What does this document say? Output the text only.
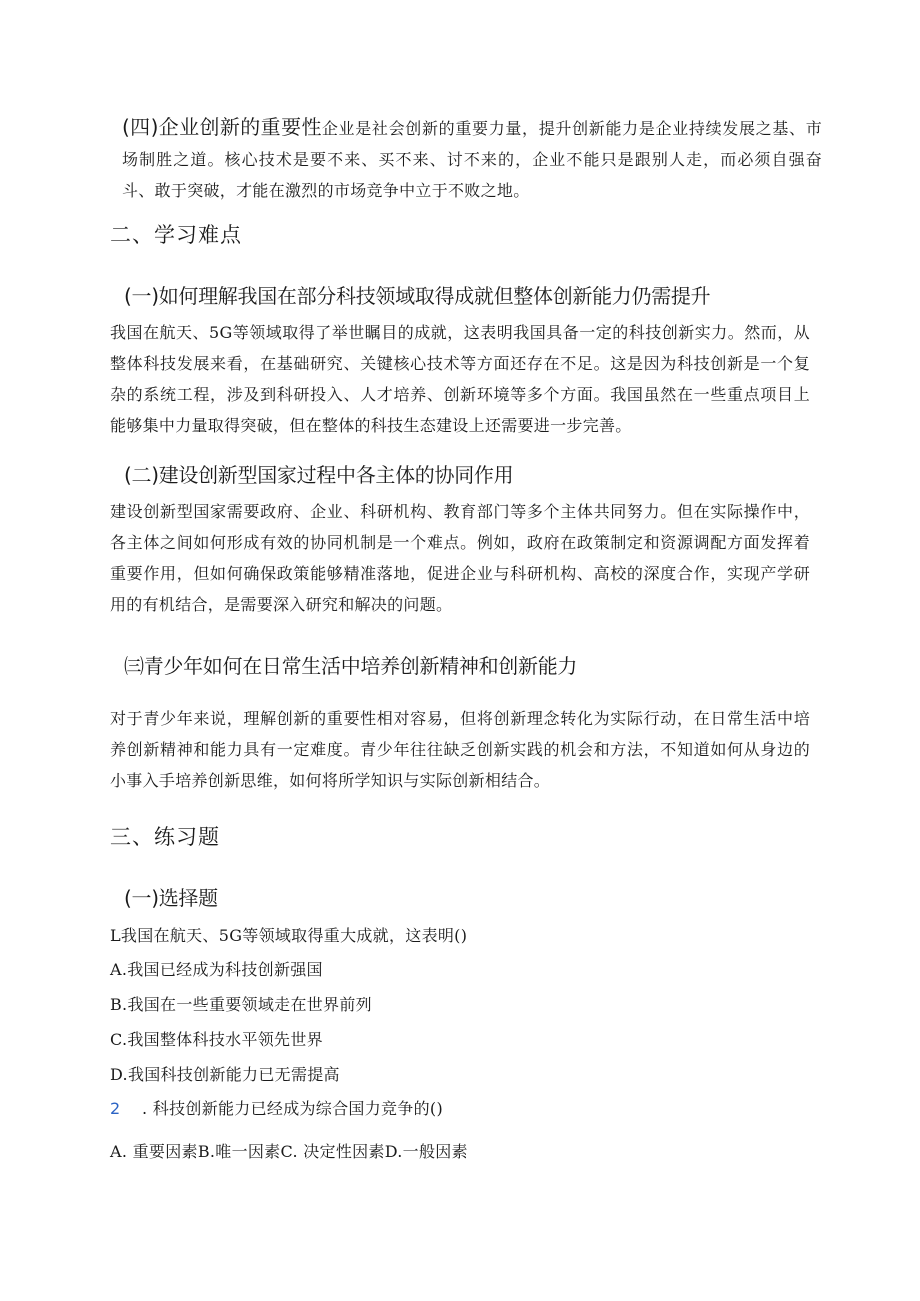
(四)企业创新的重要性企业是社会创新的重要力量，提升创新能力是企业持续发展之基、市场制胜之道。核心技术是要不来、买不来、讨不来的，企业不能只是跟别人走，而必须自强奋斗、敢于突破，才能在激烈的市场竞争中立于不败之地。

二、学习难点
(一)如何理解我国在部分科技领域取得成就但整体创新能力仍需提升

我国在航天、5G等领域取得了举世瞩目的成就，这表明我国具备一定的科技创新实力。然而，从整体科技发展来看，在基础研究、关键核心技术等方面还存在不足。这是因为科技创新是一个复杂的系统工程，涉及到科研投入、人才培养、创新环境等多个方面。我国虽然在一些重点项目上能够集中力量取得突破，但在整体的科技生态建设上还需要进一步完善。

(二)建设创新型国家过程中各主体的协同作用

建设创新型国家需要政府、企业、科研机构、教育部门等多个主体共同努力。但在实际操作中，各主体之间如何形成有效的协同机制是一个难点。例如，政府在政策制定和资源调配方面发挥着重要作用，但如何确保政策能够精准落地，促进企业与科研机构、高校的深度合作，实现产学研用的有机结合，是需要深入研究和解决的问题。

㈢青少年如何在日常生活中培养创新精神和创新能力

对于青少年来说，理解创新的重要性相对容易，但将创新理念转化为实际行动，在日常生活中培养创新精神和能力具有一定难度。青少年往往缺乏创新实践的机会和方法，不知道如何从身边的小事入手培养创新思维，如何将所学知识与实际创新相结合。

三、练习题
(一)选择题

L我国在航天、5G等领域取得重大成就，这表明()

A.我国已经成为科技创新强国

B.我国在一些重要领域走在世界前列

C.我国整体科技水平领先世界

D.我国科技创新能力已无需提高

2 . 科技创新能力已经成为综合国力竞争的()

A. 重要因素B.唯一因素C. 决定性因素D.一般因素
